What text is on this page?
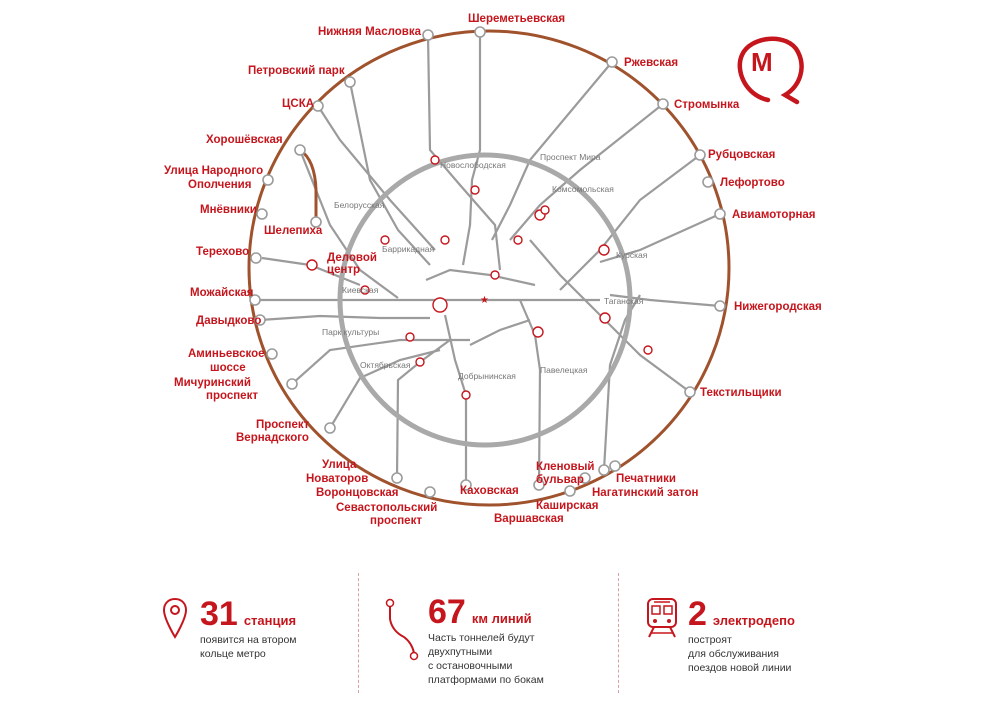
★
Шереметьевская
Нижняя Масловка
Петровский парк
ЦСКА
Хорошёвская
Улица Народного
Ополчения
Мнёвники
Шелепиха
Терехово	Деловой
центр
Можайская
Давыдково
Аминьевское
шоссе
Мичуринский
проспект
Проспект
Вернадского
Улица
Новаторов
Воронцовская
Севастопольский
проспект
Каховская
Варшавская
Каширская
Кленовый
бульвар
Нагатинский затон
Печатники
Текстильщики
Нижегородская
Авиамоторная
Лефортово
Рубцовская
Стромынка
Ржевская
Новослободская
Проспект Мира
Комсомольская
Белорусская
Баррикадная
Курская
Киевская
Таганская
Парк культуры
Октябрьская
Добрынинская
Павелецкая
М
31 станция
появится на втором
кольце метро
67 км линий
Часть тоннелей будут
двухпутными
с остановочными
платформами по бокам
2 электродепо
построят
для обслуживания
поездов новой линии
